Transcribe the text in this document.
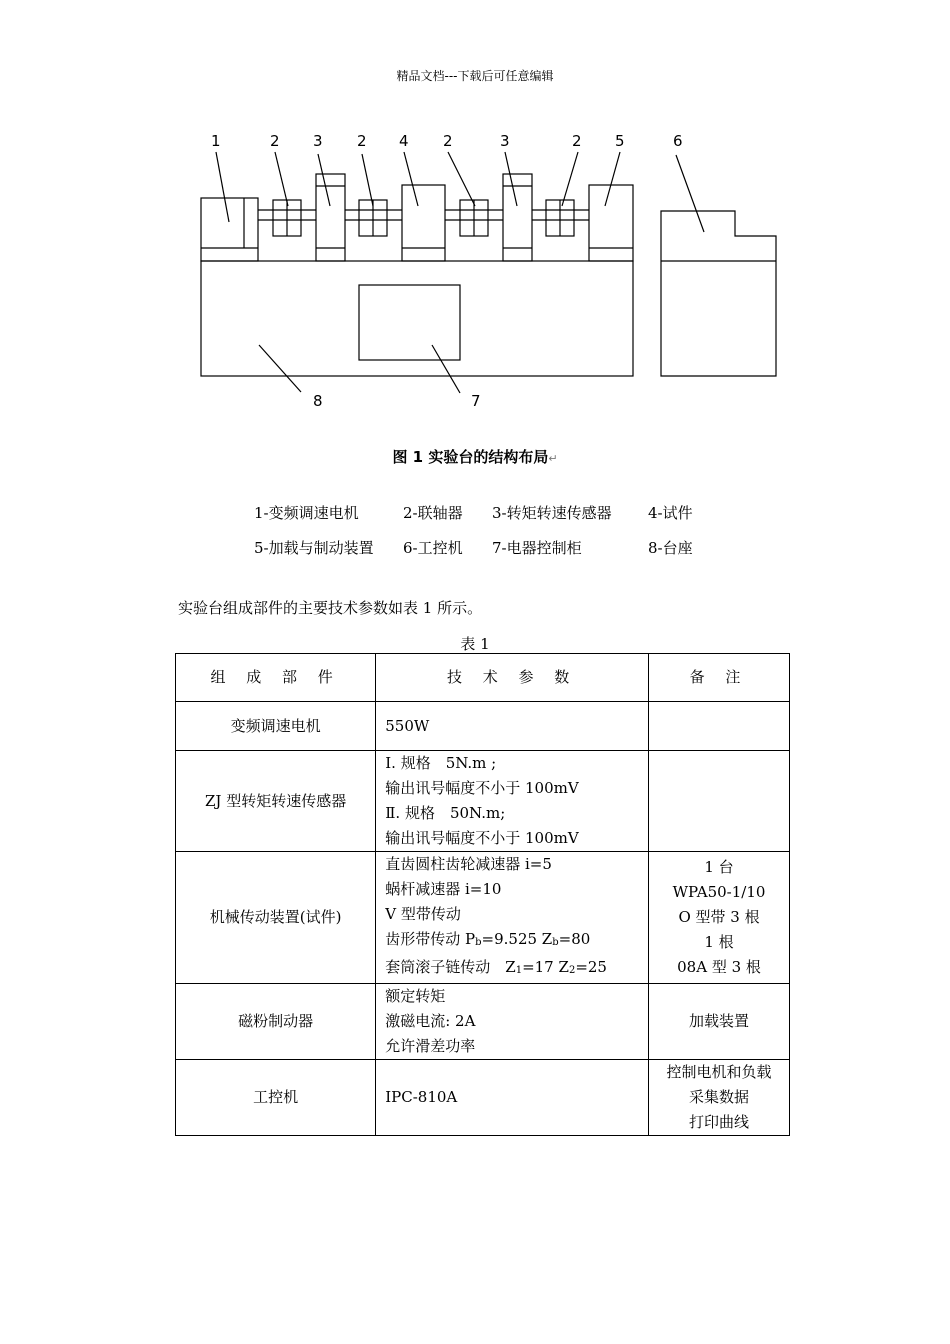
精品文档---下载后可任意编辑
1	2 3 2 4 2	3	2 5	6
7
8
图 1 实验台的结构布局↵
1-变频调速电机	2-联轴器 3-转矩转速传感器 4-试件
5-加载与制动装置 6-工控机 7-电器控制柜	8-台座
实验台组成部件的主要技术参数如表 1 所示。
表 1
组 成 部 件	技 术 参 数	备 注
变频调速电机	550W	

ZJ 型转矩转速传感器	Ⅰ. 规格　5N.m ;
输出讯号幅度不小于 100mV
Ⅱ. 规格　50N.m;
输出讯号幅度不小于 100mV	

机械传动装置(试件)	直齿圆柱齿轮减速器 i=5
蜗杆减速器 i=10
V 型带传动
齿形带传动 $P_b=9.525$ $Z_b=80$
套筒滚子链传动　$Z_1=17$ $Z_2=25$	1 台
WPA50-1/10
O 型带 3 根
1 根
08A 型 3 根

磁粉制动器	额定转矩
激磁电流: 2A
允许滑差功率	加载装置
工控机	IPC-810A	控制电机和负载
采集数据
打印曲线
